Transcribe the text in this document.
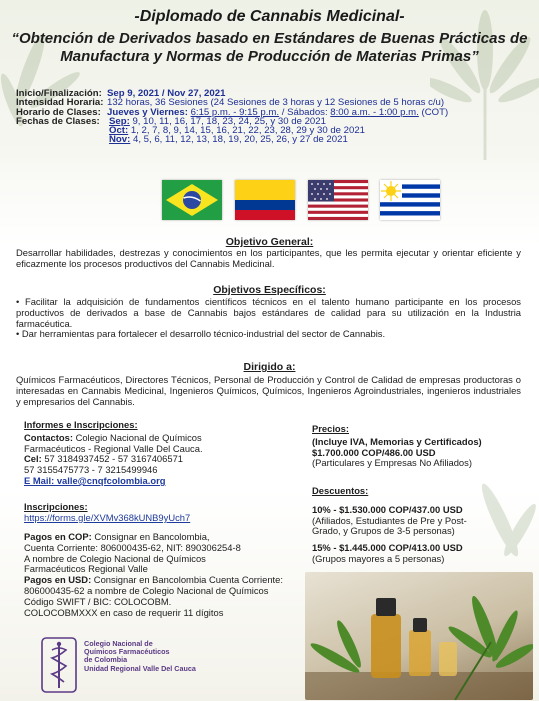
-Diplomado de Cannabis Medicinal-
“Obtención de Derivados basado en Estándares de Buenas Prácticas de
Manufactura y Normas de Producción de Materias Primas”
Inicio/Finalización: Sep 9, 2021 / Nov 27, 2021
Intensidad Horaria: 132 horas, 36 Sesiones (24 Sesiones de 3 horas y 12 Sesiones de 5 horas c/u)
Horario de Clases: Jueves y Viernes: 6:15 p.m. - 9:15 p.m. / Sábados: 8:00 a.m. - 1:00 p.m. (COT)
Fechas de Clases: Sep: 9, 10, 11, 16, 17, 18, 23, 24, 25, y 30 de 2021
Oct: 1, 2, 7, 8, 9, 14, 15, 16, 21, 22, 23, 28, 29 y 30 de 2021
Nov: 4, 5, 6, 11, 12, 13, 18, 19, 20, 25, 26, y 27 de 2021
Objetivo General:
Desarrollar habilidades, destrezas y conocimientos en los participantes, que les permita ejecutar y orientar eficiente y eficazmente los procesos productivos del Cannabis Medicinal.
Objetivos Específicos:
• Facilitar la adquisición de fundamentos científicos técnicos en el talento humano participante en los procesos productivos de derivados a base de Cannabis bajos estándares de calidad para su utilización en la Industria farmacéutica.
• Dar herramientas para fortalecer el desarrollo técnico-industrial del sector de Cannabis.
Dirigido a:
Químicos Farmacéuticos, Directores Técnicos, Personal de Producción y Control de Calidad de empresas productoras o interesadas en Cannabis Medicinal, Ingenieros Químicos, Químicos, Ingenieros Agroindustriales, ingenieros industriales y empresarios del Cannabis.
Informes e Inscripciones:
Contactos: Colegio Nacional de Químicos
Farmacéuticos - Regional Valle Del Cauca.
Cel: 57 3184937452 - 57 3167406571
57 3155475773 - 7 3215499946
E Mail: valle@cnqfcolombia.org
Inscripciones:
https://forms.gle/XVMv368kUNB9yUch7
Pagos en COP: Consignar en Bancolombia,
Cuenta Corriente: 806000435-62, NIT: 890306254-8
A nombre de Colegio Nacional de Químicos
Farmacéuticos Regional Valle
Pagos en USD: Consignar en Bancolombia Cuenta Corriente:
806000435-62 a nombre de Colegio Nacional de Químicos
Código SWIFT / BIC: COLOCOBM.
COLOCOBMXXX en caso de requerir 11 dígitos
Precios:
(Incluye IVA, Memorias y Certificados)
$1.700.000 COP/486.00 USD
(Particulares y Empresas No Afiliados)
Descuentos:
10% - $1.530.000 COP/437.00 USD
(Afiliados, Estudiantes de Pre y Post-
Grado, y Grupos de 3-5 personas)
15% - $1.445.000 COP/413.00 USD
(Grupos mayores a 5 personas)
Colegio Nacional de
Químicos Farmacéuticos
de Colombia
Unidad Regional Valle Del Cauca
